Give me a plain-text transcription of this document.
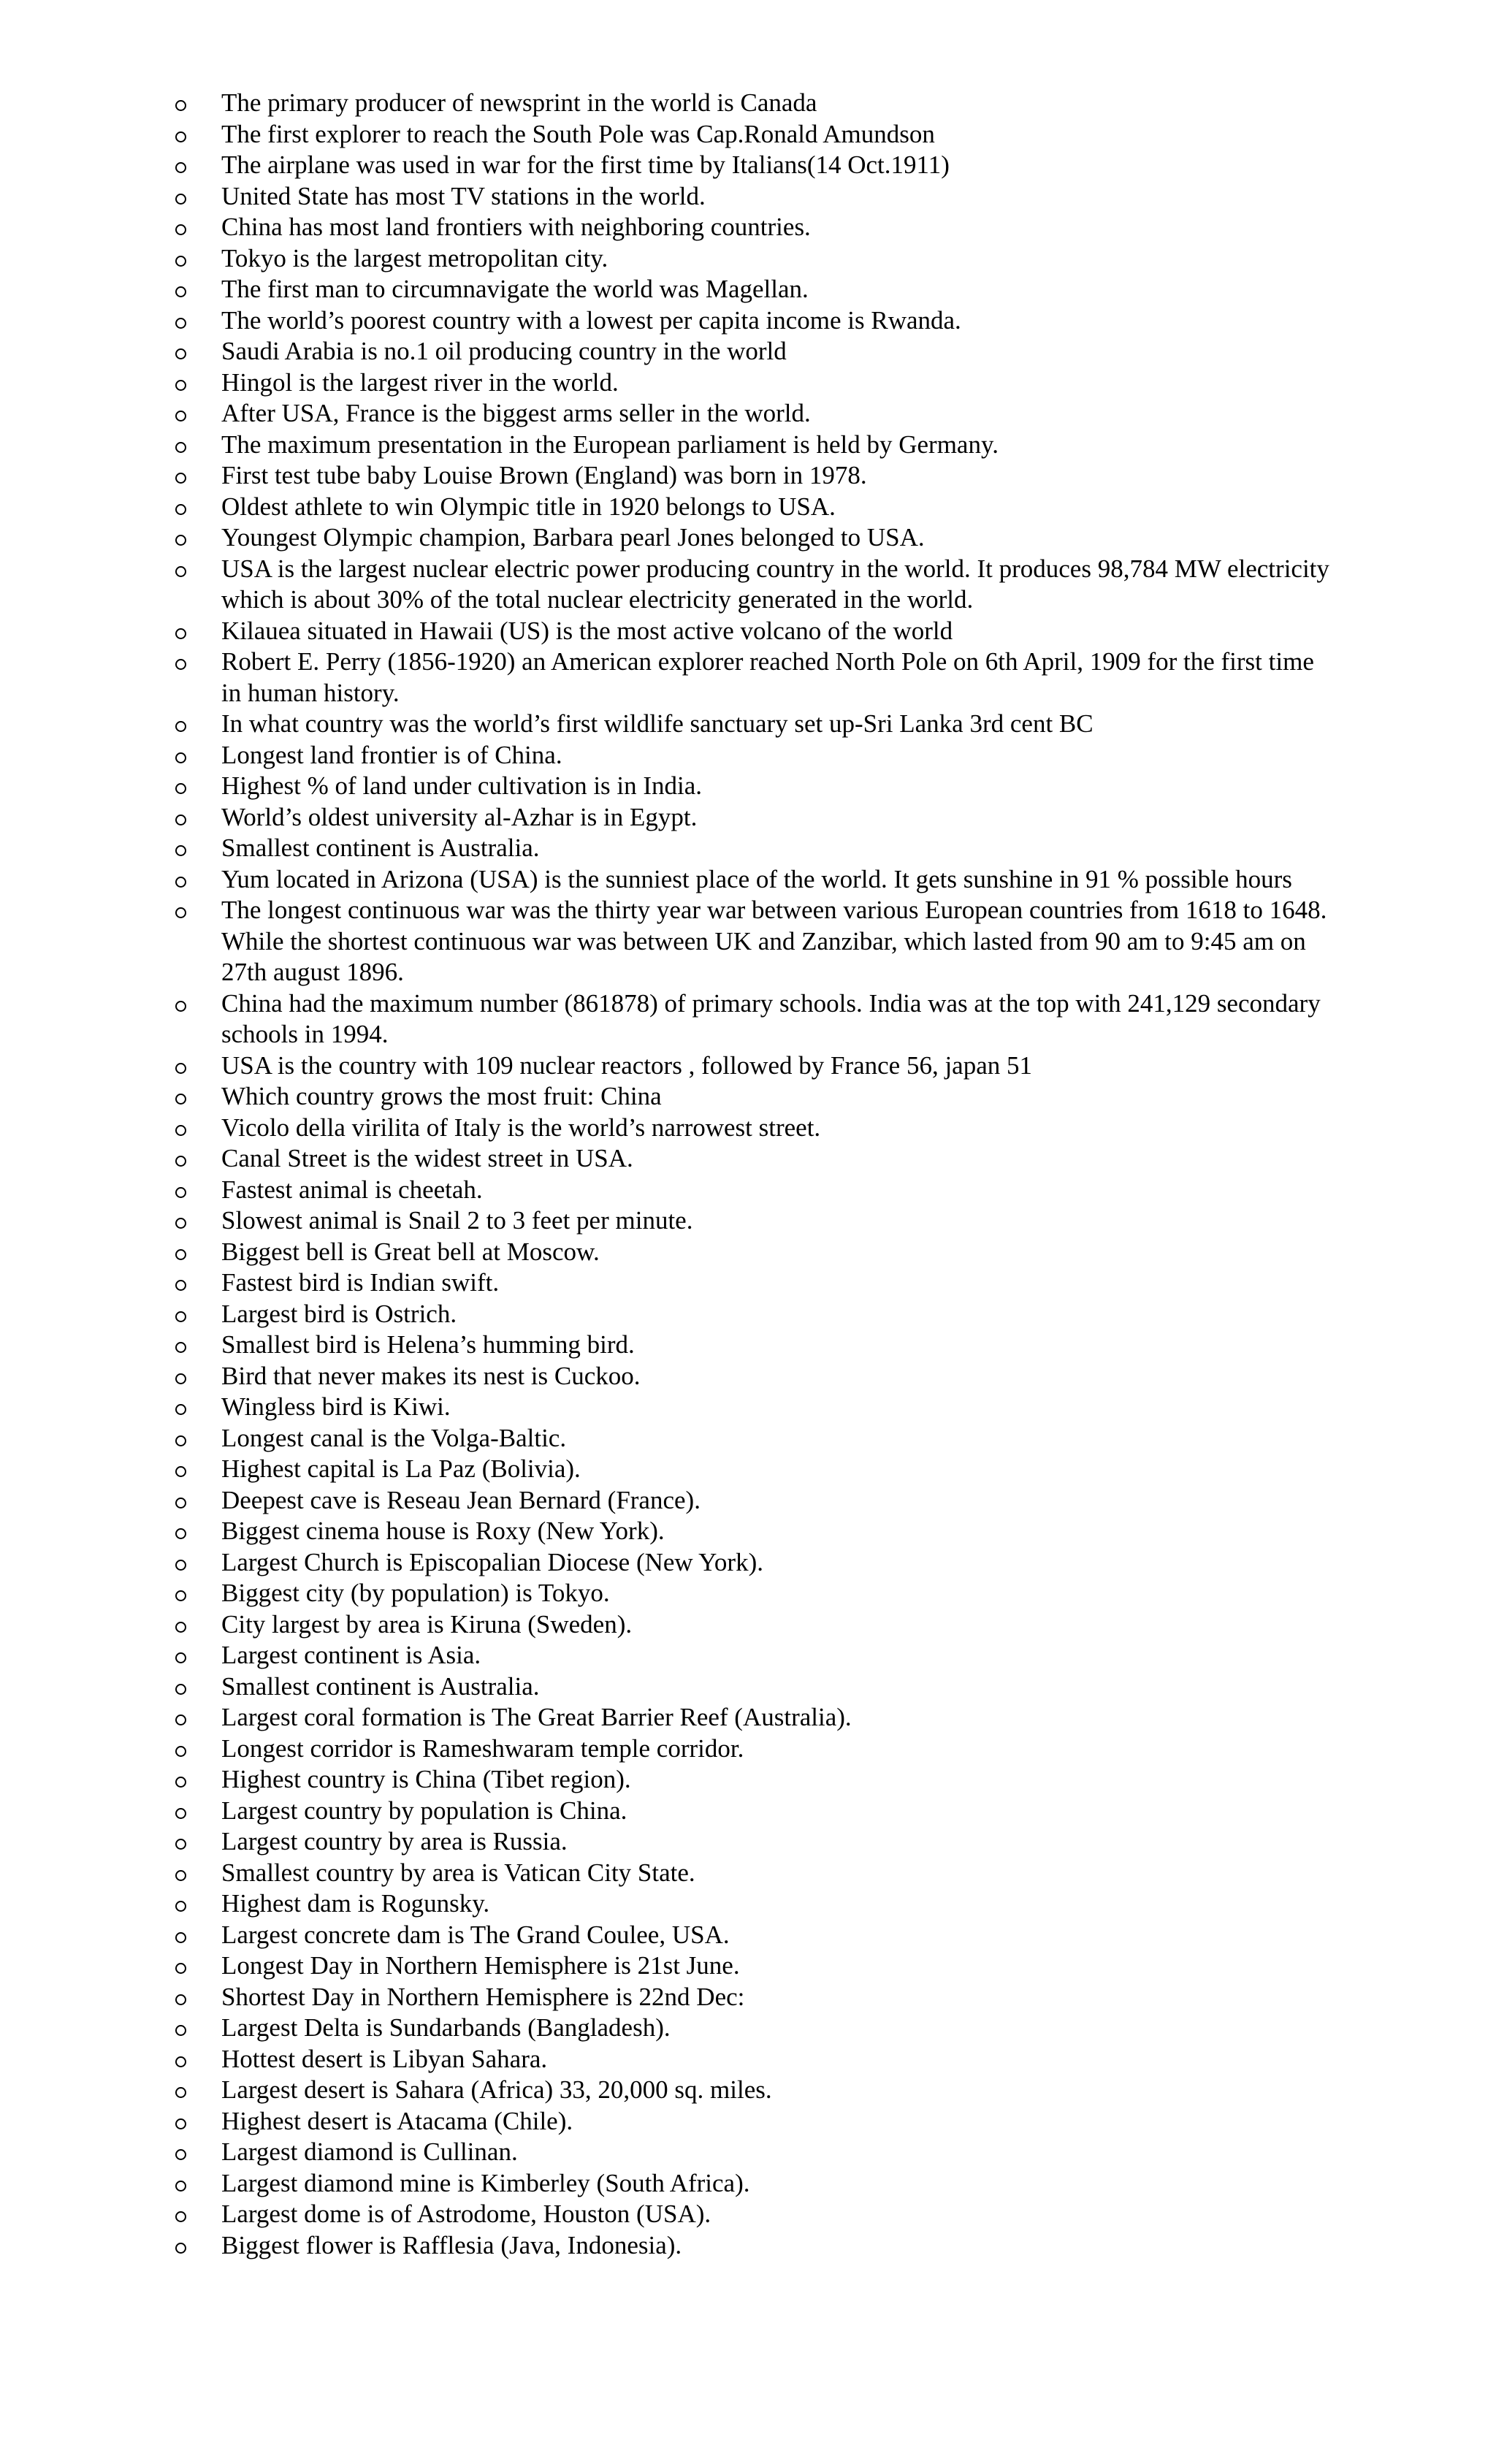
The primary producer of newsprint in the world is Canada
The first explorer to reach the South Pole was Cap.Ronald Amundson
The airplane was used in war for the first time by Italians(14 Oct.1911)
United State has most TV stations in the world.
China has most land frontiers with neighboring countries.
Tokyo is the largest metropolitan city.
The first man to circumnavigate the world was Magellan.
The world’s poorest country with a lowest per capita income is Rwanda.
Saudi Arabia is no.1 oil producing country in the world
Hingol is the largest river in the world.
After USA, France is the biggest arms seller in the world.
The maximum presentation in the European parliament is held by Germany.
First test tube baby Louise Brown (England) was born in 1978.
Oldest athlete to win Olympic title in 1920 belongs to USA.
Youngest Olympic champion, Barbara pearl Jones belonged to USA.
USA is the largest nuclear electric power producing country in the world. It produces 98,784 MW electricity which is about 30% of the total nuclear electricity generated in the world.
Kilauea situated in Hawaii (US) is the most active volcano of the world
Robert E. Perry (1856-1920) an American explorer reached North Pole on 6th April, 1909 for the first time in human history.
In what country was the world’s first wildlife sanctuary set up-Sri Lanka 3rd cent BC
Longest land frontier is of China.
Highest % of land under cultivation is in India.
World’s oldest university al-Azhar is in Egypt.
Smallest continent is Australia.
Yum located in Arizona (USA) is the sunniest place of the world. It gets sunshine in 91 % possible hours
The longest continuous war was the thirty year war between various European countries from 1618 to 1648. While the shortest continuous war was between UK and Zanzibar, which lasted from 90 am to 9:45 am on 27th august 1896.
China had the maximum number (861878) of primary schools. India was at the top with 241,129 secondary schools in 1994.
USA is the country with 109 nuclear reactors , followed by France 56, japan 51
Which country grows the most fruit: China
Vicolo della virilita of Italy is the world’s narrowest street.
Canal Street is the widest street in USA.
Fastest animal is cheetah.
Slowest animal is Snail 2 to 3 feet per minute.
Biggest bell is Great bell at Moscow.
Fastest bird is Indian swift.
Largest bird is Ostrich.
Smallest bird is Helena’s humming bird.
Bird that never makes its nest is Cuckoo.
Wingless bird is Kiwi.
Longest canal is the Volga-Baltic.
Highest capital is La Paz (Bolivia).
Deepest cave is Reseau Jean Bernard (France).
Biggest cinema house is Roxy (New York).
Largest Church is Episcopalian Diocese (New York).
Biggest city (by population) is Tokyo.
City largest by area is Kiruna (Sweden).
Largest continent is Asia.
Smallest continent is Australia.
Largest coral formation is The Great Barrier Reef (Australia).
Longest corridor is Rameshwaram temple corridor.
Highest country is China (Tibet region).
Largest country by population is China.
Largest country by area is Russia.
Smallest country by area is Vatican City State.
Highest dam is Rogunsky.
Largest concrete dam is The Grand Coulee, USA.
Longest Day in Northern Hemisphere is 21st June.
Shortest Day in Northern Hemisphere is 22nd Dec:
Largest Delta is Sundarbands (Bangladesh).
Hottest desert is Libyan Sahara.
Largest desert is Sahara (Africa) 33, 20,000 sq. miles.
Highest desert is Atacama (Chile).
Largest diamond is Cullinan.
Largest diamond mine is Kimberley (South Africa).
Largest dome is of Astrodome, Houston (USA).
Biggest flower is Rafflesia (Java, Indonesia).
